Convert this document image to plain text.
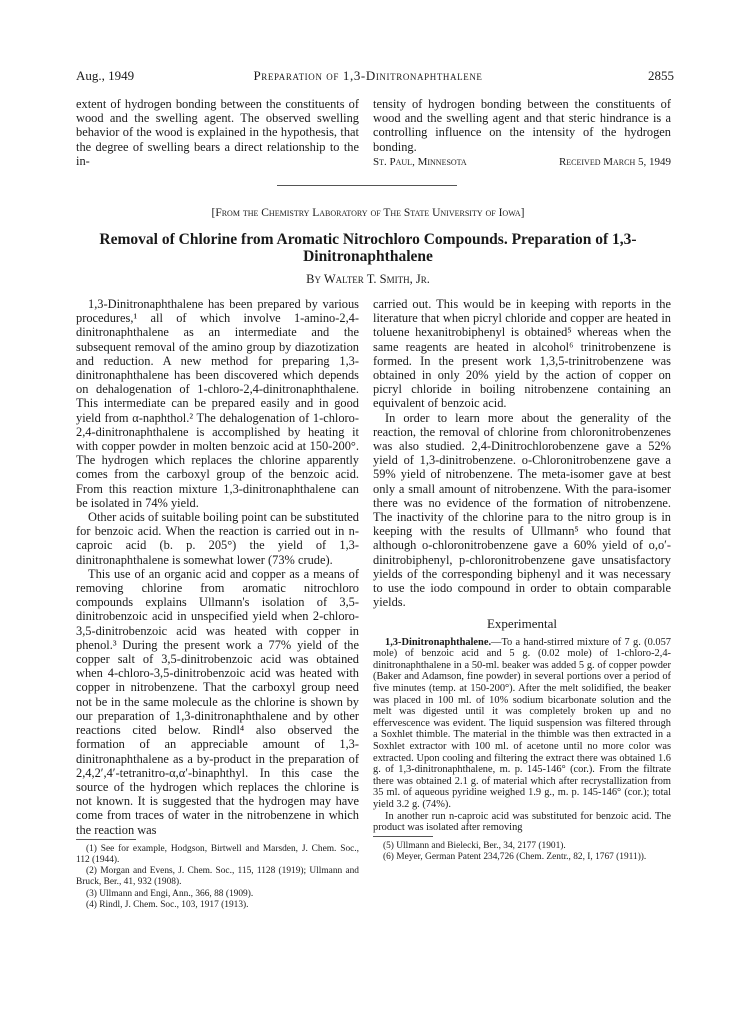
Aug., 1949	Preparation of 1,3-Dinitronaphthalene	2855

extent of hydrogen bonding between the constituents of wood and the swelling agent. The observed swelling behavior of the wood is explained in the hypothesis, that the degree of swelling bears a direct relationship to the in-

tensity of hydrogen bonding between the constituents of wood and the swelling agent and that steric hindrance is a controlling influence on the intensity of the hydrogen bonding.

St. Paul, Minnesota	Received March 5, 1949
[From the Chemistry Laboratory of The State University of Iowa]
Removal of Chlorine from Aromatic Nitrochloro Compounds. Preparation of 1,3-Dinitronaphthalene
By Walter T. Smith, Jr.

1,3-Dinitronaphthalene has been prepared by various procedures,¹ all of which involve 1-amino-2,4-dinitronaphthalene as an intermediate and the subsequent removal of the amino group by diazotization and reduction. A new method for preparing 1,3-dinitronaphthalene has been discovered which depends on dehalogenation of 1-chloro-2,4-dinitronaphthalene. This intermediate can be prepared easily and in good yield from α-naphthol.² The dehalogenation of 1-chloro-2,4-dinitronaphthalene is accomplished by heating it with copper powder in molten benzoic acid at 150-200°. The hydrogen which replaces the chlorine apparently comes from the carboxyl group of the benzoic acid. From this reaction mixture 1,3-dinitronaphthalene can be isolated in 74% yield.

Other acids of suitable boiling point can be substituted for benzoic acid. When the reaction is carried out in n-caproic acid (b. p. 205°) the yield of 1,3-dinitronaphthalene is somewhat lower (73% crude).

This use of an organic acid and copper as a means of removing chlorine from aromatic nitrochloro compounds explains Ullmann's isolation of 3,5-dinitrobenzoic acid in unspecified yield when 2-chloro-3,5-dinitrobenzoic acid was heated with copper in phenol.³ During the present work a 77% yield of the copper salt of 3,5-dinitrobenzoic acid was obtained when 4-chloro-3,5-dinitrobenzoic acid was heated with copper in nitrobenzene. That the carboxyl group need not be in the same molecule as the chlorine is shown by our preparation of 1,3-dinitronaphthalene and by other reactions cited below. Rindl⁴ also observed the formation of an appreciable amount of 1,3-dinitronaphthalene as a by-product in the preparation of 2,4,2′,4′-tetranitro-α,α′-binaphthyl. In this case the source of the hydrogen which replaces the chlorine is not known. It is suggested that the hydrogen may have come from traces of water in the nitrobenzene in which the reaction was

(1) See for example, Hodgson, Birtwell and Marsden, J. Chem. Soc., 112 (1944).

(2) Morgan and Evens, J. Chem. Soc., 115, 1128 (1919); Ullmann and Bruck, Ber., 41, 932 (1908).

(3) Ullmann and Engi, Ann., 366, 88 (1909).

(4) Rindl, J. Chem. Soc., 103, 1917 (1913).

carried out. This would be in keeping with reports in the literature that when picryl chloride and copper are heated in toluene hexanitrobiphenyl is obtained⁵ whereas when the same reagents are heated in alcohol⁶ trinitrobenzene is formed. In the present work 1,3,5-trinitrobenzene was obtained in only 20% yield by the action of copper on picryl chloride in boiling nitrobenzene containing an equivalent of benzoic acid.

In order to learn more about the generality of the reaction, the removal of chlorine from chloronitrobenzenes was also studied. 2,4-Dinitrochlorobenzene gave a 52% yield of 1,3-dinitrobenzene. o-Chloronitrobenzene gave a 59% yield of nitrobenzene. The meta-isomer gave at best only a small amount of nitrobenzene. With the para-isomer there was no evidence of the formation of nitrobenzene. The inactivity of the chlorine para to the nitro group is in keeping with the results of Ullmann⁵ who found that although o-chloronitrobenzene gave a 60% yield of o,o′-dinitrobiphenyl, p-chloronitrobenzene gave unsatisfactory yields of the corresponding biphenyl and it was necessary to use the iodo compound in order to obtain comparable yields.

Experimental

1,3-Dinitronaphthalene.—To a hand-stirred mixture of 7 g. (0.057 mole) of benzoic acid and 5 g. (0.02 mole) of 1-chloro-2,4-dinitronaphthalene in a 50-ml. beaker was added 5 g. of copper powder (Baker and Adamson, fine powder) in several portions over a period of five minutes (temp. at 150-200°). After the melt solidified, the beaker was placed in 100 ml. of 10% sodium bicarbonate solution and the melt was digested until it was completely broken up and no effervescence was evident. The liquid suspension was filtered through a Soxhlet thimble. The material in the thimble was then extracted in a Soxhlet extractor with 100 ml. of acetone until no more color was extracted. Upon cooling and filtering the extract there was obtained 1.6 g. of 1,3-dinitronaphthalene, m. p. 145-146° (cor.). From the filtrate there was obtained 2.1 g. of material which after recrystallization from 35 ml. of aqueous pyridine weighed 1.9 g., m. p. 145-146° (cor.); total yield 3.2 g. (74%).

In another run n-caproic acid was substituted for benzoic acid. The product was isolated after removing

(5) Ullmann and Bielecki, Ber., 34, 2177 (1901).

(6) Meyer, German Patent 234,726 (Chem. Zentr., 82, I, 1767 (1911)).
